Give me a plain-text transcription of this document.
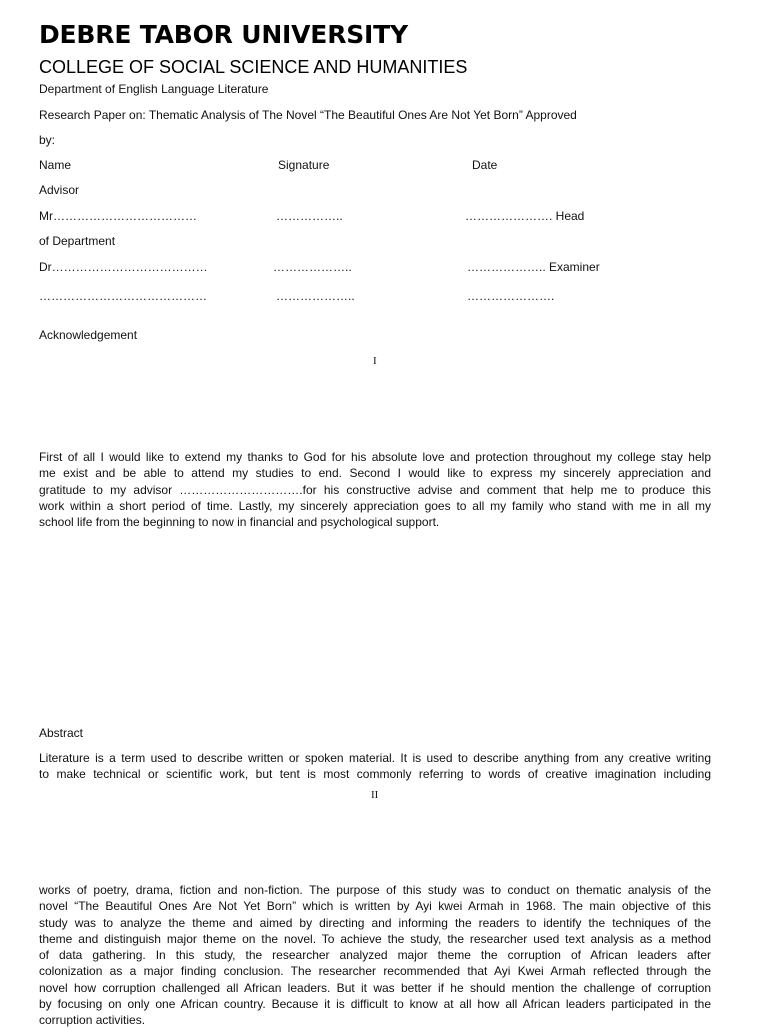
DEBRE TABOR UNIVERSITY
COLLEGE OF SOCIAL SCIENCE AND HUMANITIES
Department of English Language Literature
Research Paper on: Thematic Analysis of The Novel “The Beautiful Ones Are Not Yet Born” Approved
by:
Name	Signature	Date
Advisor
Mr………………………………	……………..	…………………. Head
of Department
Dr…………………………………	………………..	……………….. Examiner
……………………………………	………………..	………………….
Acknowledgement
I
First of all I would like to extend my thanks to God for his absolute love and protection throughout my college stay help
me exist and be able to attend my studies to end. Second I would like to express my sincerely appreciation and
gratitude to my advisor ………………………….for his constructive advise and comment that help me to produce this
work within a short period of time. Lastly, my sincerely appreciation goes to all my family who stand with me in all my
school life from the beginning to now in financial and psychological support.
Abstract
Literature is a term used to describe written or spoken material. It is used to describe anything from any creative writing
to make technical or scientific work, but tent is most commonly referring to words of creative imagination including
II
works of poetry, drama, fiction and non-fiction. The purpose of this study was to conduct on thematic analysis of the
novel “The Beautiful Ones Are Not Yet Born” which is written by Ayi kwei Armah in 1968. The main objective of this
study was to analyze the theme and aimed by directing and informing the readers to identify the techniques of the
theme and distinguish major theme on the novel. To achieve the study, the researcher used text analysis as a method
of data gathering. In this study, the researcher analyzed major theme the corruption of African leaders after
colonization as a major finding conclusion. The researcher recommended that Ayi Kwei Armah reflected through the
novel how corruption challenged all African leaders. But it was better if he should mention the challenge of corruption
by focusing on only one African country. Because it is difficult to know at all how all African leaders participated in the
corruption activities.
